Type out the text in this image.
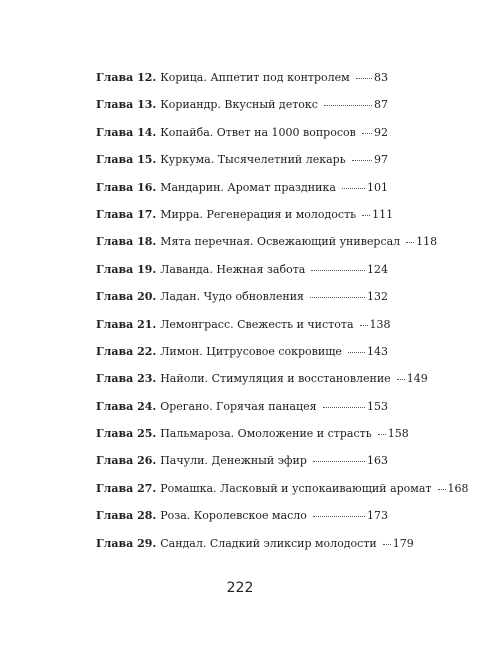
Глава 12. Корица. Аппетит под контролем 83
Глава 13. Кориандр. Вкусный детокс	87
Глава 14. Копайба. Ответ на 1000 вопросов 92
Глава 15. Куркума. Тысячелетний лекарь	97
Глава 16. Мандарин. Аромат праздника	101
Глава 17. Мирра. Регенерация и молодость 111
Глава 18. Мята перечная. Освежающий универсал 118
Глава 19. Лаванда. Нежная забота	124
Глава 20. Ладан. Чудо обновления	132
Глава 21. Лемонграсс. Свежесть и чистота 138
Глава 22. Лимон. Цитрусовое сокровище 143
Глава 23. Найоли. Стимуляция и восстановление 149
Глава 24. Орегано. Горячая панацея	153
Глава 25. Пальмароза. Омоложение и страсть 158
Глава 26. Пачули. Денежный эфир	163
Глава 27. Ромашка. Ласковый и успокаивающий аромат 168
Глава 28. Роза. Королевское масло	173
Глава 29. Сандал. Сладкий эликсир молодости 179
222
